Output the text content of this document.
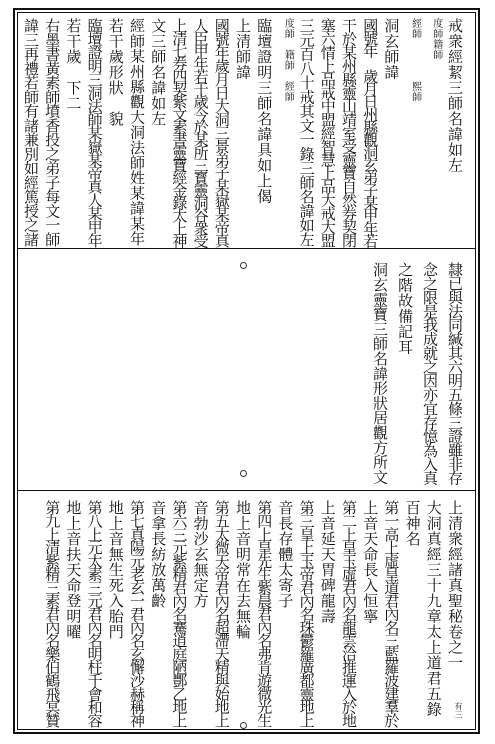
戒衆經絜三師名諱如左
度師籍師
經師　　　　熙師
洞玄師諱
國號年　歲月日州縣觀洞玄弟子某甲年若
干於某州縣靈山靖室受靈寶自然券契閉
塞六情上品戒中盟經智慧上品大戒大盟
三元百八十戒其文一錄三師名諱如左
度師　籍師　經師
臨壇證明三師名諱具如上偈
上清師諱
國號年歲月日大洞三景弟子某嶽某帝真
人臣甲年若干歲今於某所三寳靈洞谷衆受
上清七券四契紫文素書靈寶經金錄太上神
文三師名諱如左
經師某州縣觀大洞法師姓某諱某年
若干歲形狀　貌
臨壇證明三洞法師某嶽某帝真人某甲年
若干歲　下二
右墨書黃素師墳香投之弟子每文一師
諱三再禮若師有諸兼別如經篤授之諸
隸已與法同緘其六明五條三證雖非存
念之限是我成就之因亦宜存憶為入真
之階故備記耳
洞玄靈寶三師名諱形狀居觀方所文
上清衆經諸真聖秘卷之一
有三
大洞真經三十九章太上道君五錄
百神名
第一高上虛皇道君內名三藍羅波建羣於
上音天命長入恒寧
第二上皇玉虛君內名龍雲洽推運入於地
上音延天胃碑龍壽
第三皇上玉帝君內名珠鬱羅廣都靈地上
音長存體太寄子
第四上皇先生紫晨君內名弗肯遊微光生
地上音明常在去無輪
第五太微天帝君內名超滯天精與始地上
音勃沙玄無定方
第六三元紫精君內名騫逍庭陋酆乙地上
音拿長紡放萬齡
第七真陽元老玄一君內名玄懈沙赫稱神
地上音無生死入胎門
第八上元太素三元君內名明柱千會和容
地上音扶天命登明曜
第九上清紫精三素君內名樂伯鶴飛冥贊
